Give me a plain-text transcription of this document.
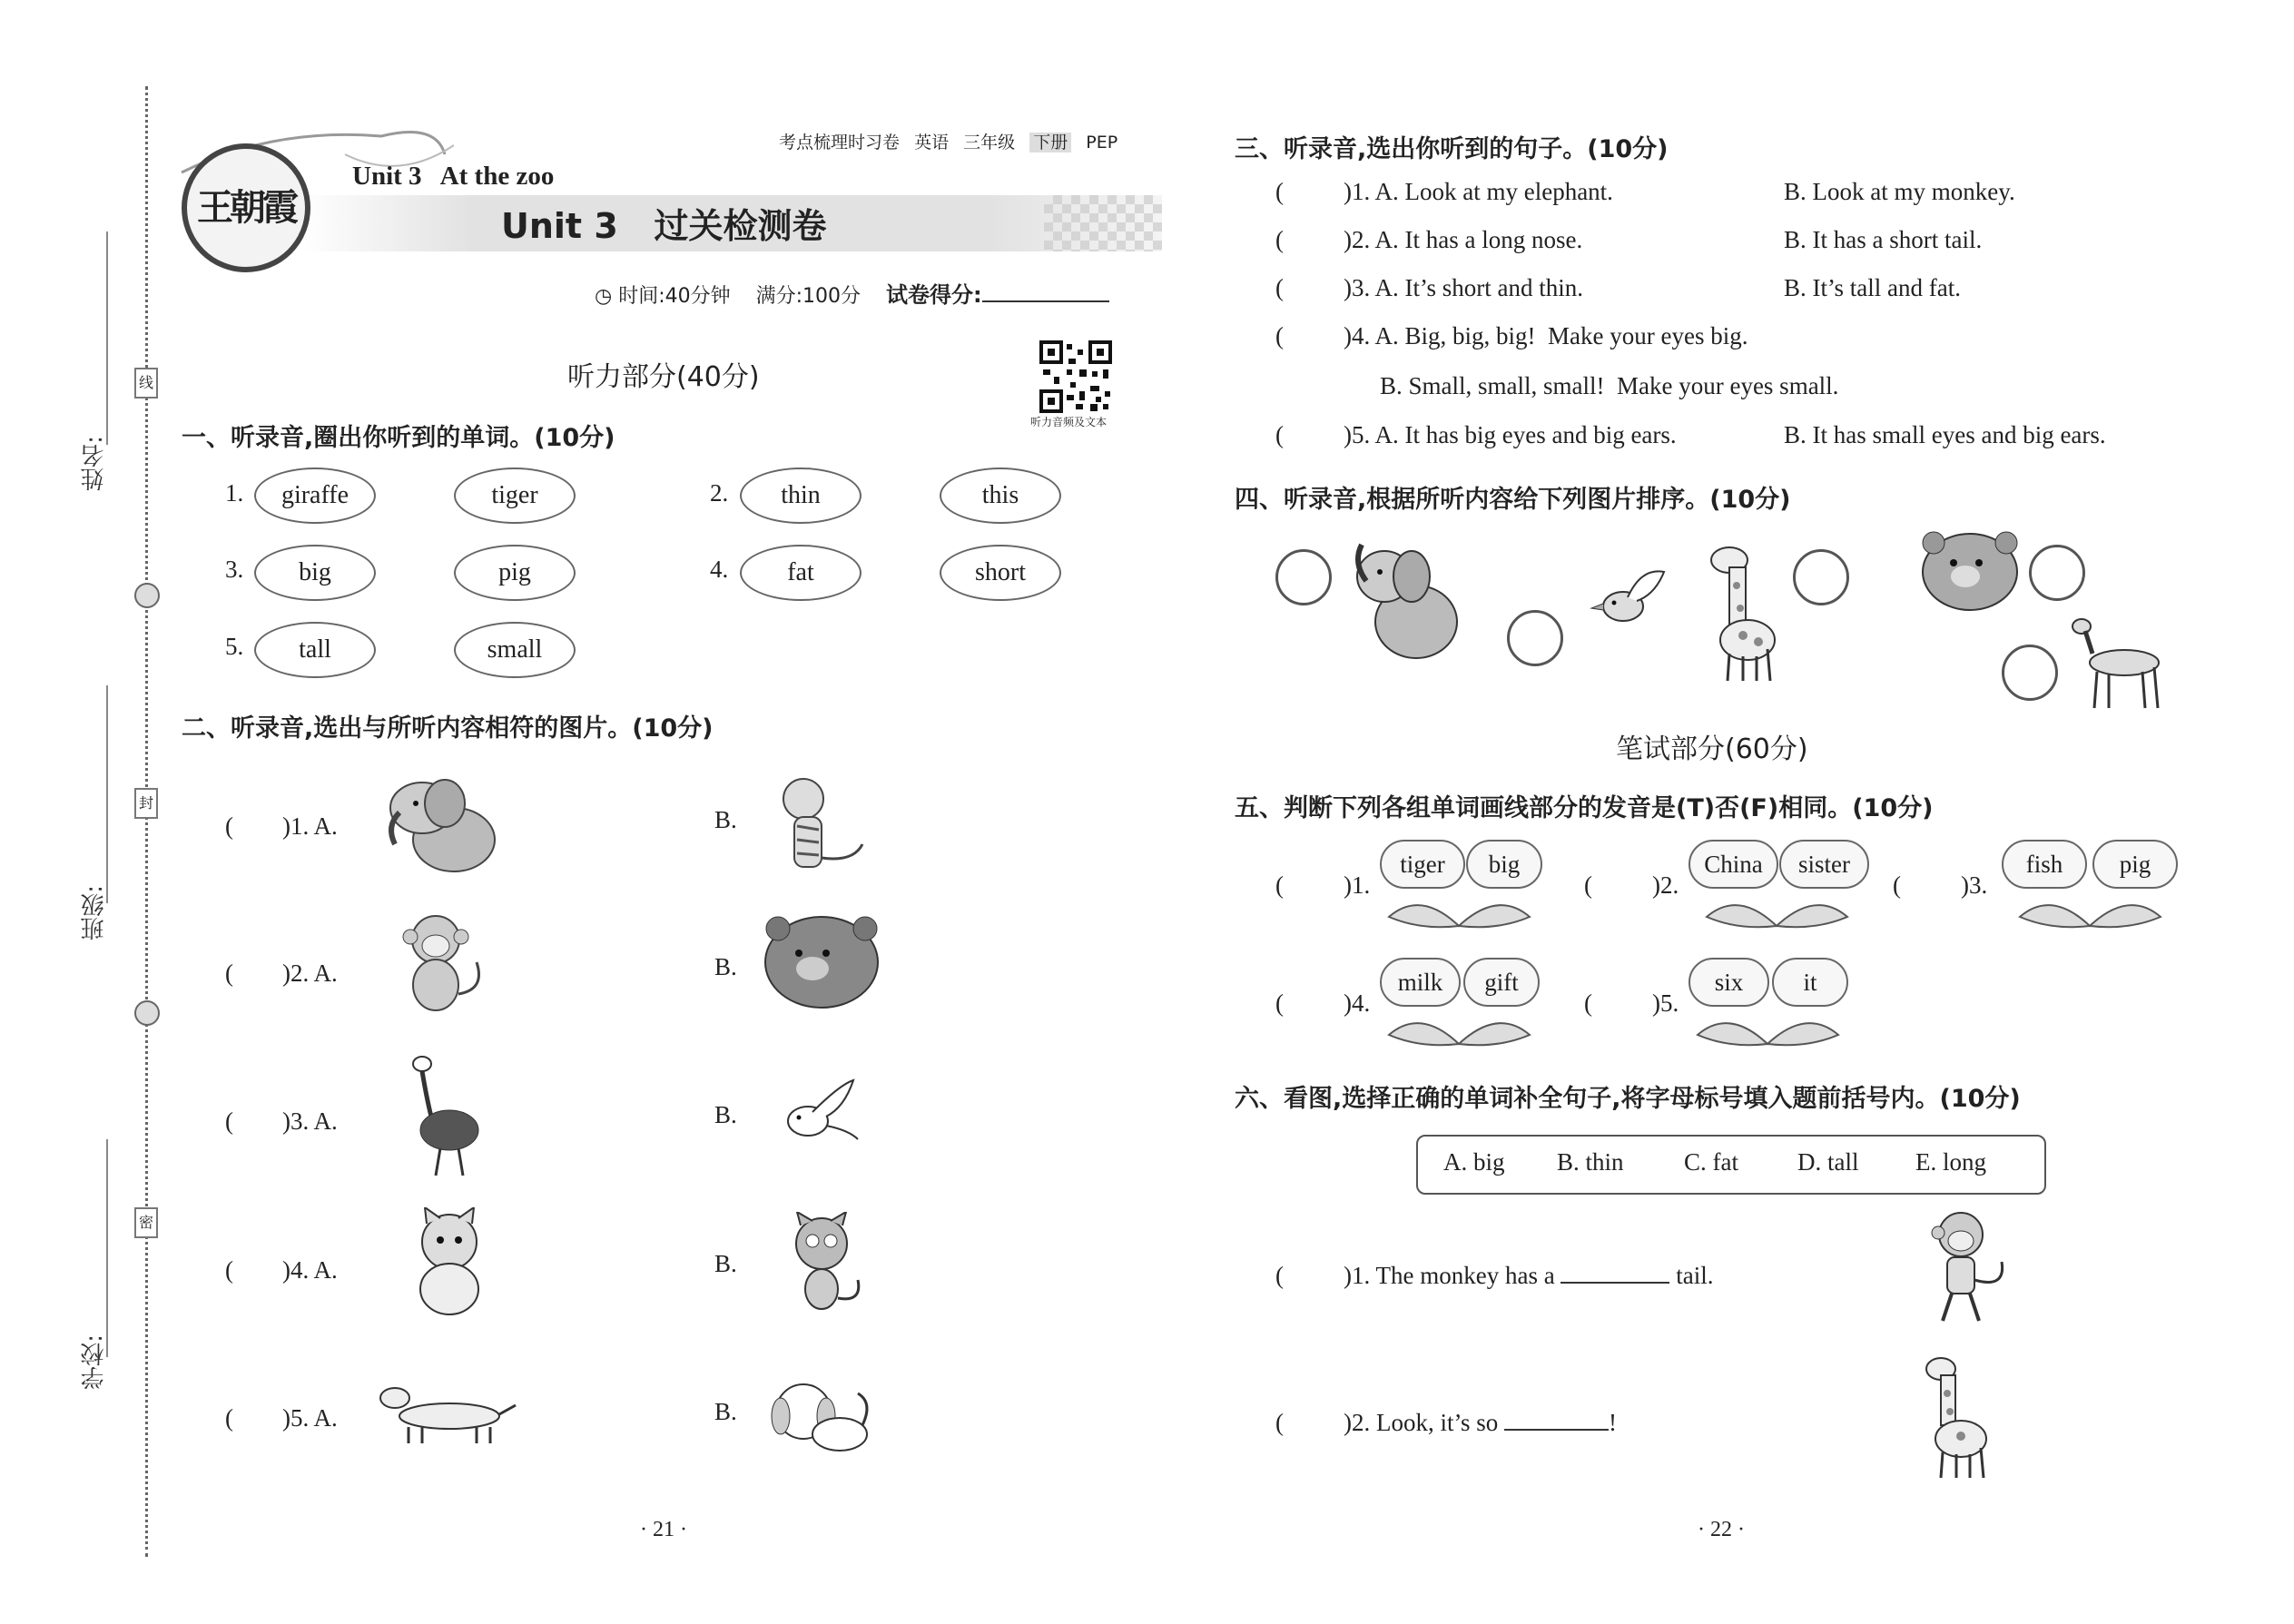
姓名:
班级:
学校:
线
封
密
考点梳理时习卷 英语 三年级 下册 PEP
王朝霞
Unit 3   At the zoo
Unit 3   过关检测卷
◷ 时间:40分钟 满分:100分 试卷得分:
听力音频及文本
听力部分(40分)
一、听录音,圈出你听到的单词。(10分)
1.	giraffe	tiger	2.	thin	this
3.	big	pig	4.	fat	short
5.	tall	small
二、听录音,选出与所听内容相符的图片。(10分)
(　　)1. A.	B.
(　　)2. A.	B.
(　　)3. A.	B.
(　　)4. A.	B.
(　　)5. A.	B.
· 21 ·
三、听录音,选出你听到的句子。(10分)
( )1. A. Look at my elephant.	B. Look at my monkey.
( )2. A. It has a long nose.	B. It has a short tail.
( )3. A. It’s short and thin.	B. It’s tall and fat.
( )4. A. Big, big, big!  Make your eyes big.
B. Small, small, small!  Make your eyes small.
( )5. A. It has big eyes and big ears.	B. It has small eyes and big ears.
四、听录音,根据所听内容给下列图片排序。(10分)
笔试部分(60分)
五、判断下列各组单词画线部分的发音是(T)否(F)相同。(10分)
( )1.
tiger	big
( )2.
China	sister
( )3.
fish	pig
( )4.
milk	gift
( )5.
six	it
六、看图,选择正确的单词补全句子,将字母标号填入题前括号内。(10分)
A. big B. thin C. fat D. tall E. long
( )1. The monkey has a	tail.
( )2. Look, it’s so	!
· 22 ·
